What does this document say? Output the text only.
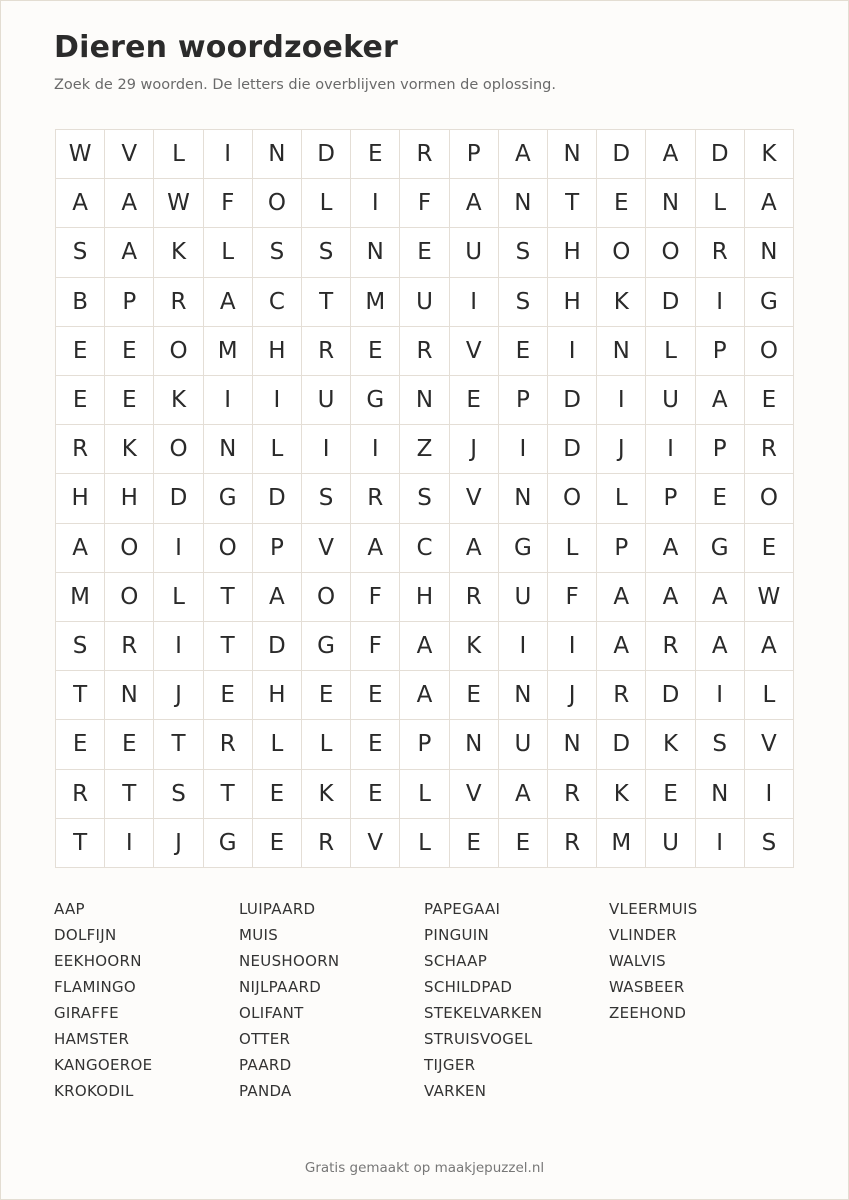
Dieren woordzoeker
Zoek de 29 woorden. De letters die overblijven vormen de oplossing.
W	V	L	I	N	D	E	R	P	A	N	D	A	D	K
A	A	W	F	O	L	I	F	A	N	T	E	N	L	A
S	A	K	L	S	S	N	E	U	S	H	O	O	R	N
B	P	R	A	C	T	M	U	I	S	H	K	D	I	G
E	E	O	M	H	R	E	R	V	E	I	N	L	P	O
E	E	K	I	I	U	G	N	E	P	D	I	U	A	E
R	K	O	N	L	I	I	Z	J	I	D	J	I	P	R
H	H	D	G	D	S	R	S	V	N	O	L	P	E	O
A	O	I	O	P	V	A	C	A	G	L	P	A	G	E
M	O	L	T	A	O	F	H	R	U	F	A	A	A	W
S	R	I	T	D	G	F	A	K	I	I	A	R	A	A
T	N	J	E	H	E	E	A	E	N	J	R	D	I	L
E	E	T	R	L	L	E	P	N	U	N	D	K	S	V
R	T	S	T	E	K	E	L	V	A	R	K	E	N	I
T	I	J	G	E	R	V	L	E	E	R	M	U	I	S
AAP
DOLFIJN
EEKHOORN
FLAMINGO
GIRAFFE
HAMSTER
KANGOEROE
KROKODIL
LUIPAARD
MUIS
NEUSHOORN
NIJLPAARD
OLIFANT
OTTER
PAARD
PANDA
PAPEGAAI
PINGUIN
SCHAAP
SCHILDPAD
STEKELVARKEN
STRUISVOGEL
TIJGER
VARKEN
VLEERMUIS
VLINDER
WALVIS
WASBEER
ZEEHOND
Gratis gemaakt op maakjepuzzel.nl
